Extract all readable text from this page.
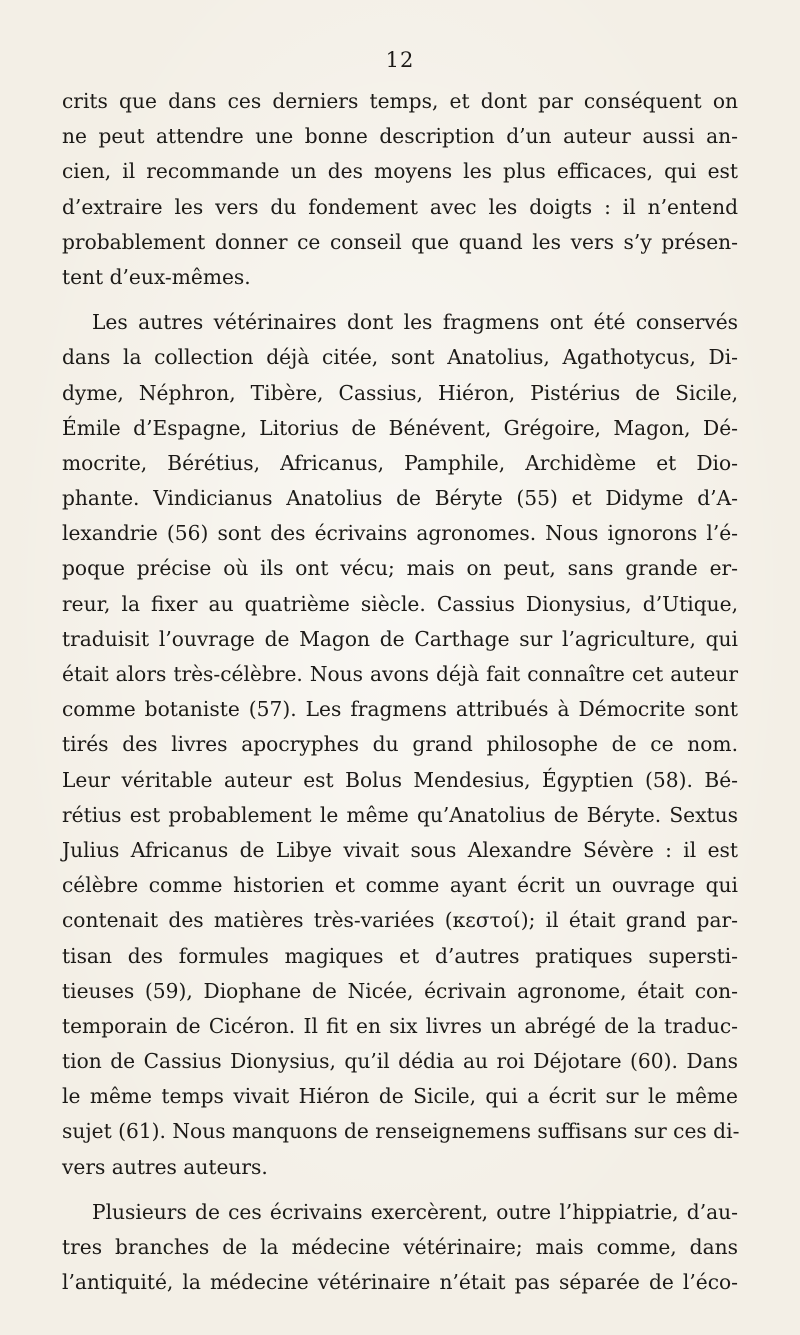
12
crits que dans ces derniers temps, et dont par conséquent on
ne peut attendre une bonne description d’un auteur aussi an-
cien, il recommande un des moyens les plus efficaces, qui est
d’extraire les vers du fondement avec les doigts : il n’entend
probablement donner ce conseil que quand les vers s’y présen-
tent d’eux-mêmes.
Les autres vétérinaires dont les fragmens ont été conservés
dans la collection déjà citée, sont Anatolius, Agathotycus, Di-
dyme, Néphron, Tibère, Cassius, Hiéron, Pistérius de Sicile,
Émile d’Espagne, Litorius de Bénévent, Grégoire, Magon, Dé-
mocrite, Bérétius, Africanus, Pamphile, Archidème et Dio-
phante. Vindicianus Anatolius de Béryte (55) et Didyme d’A-
lexandrie (56) sont des écrivains agronomes. Nous ignorons l’é-
poque précise où ils ont vécu; mais on peut, sans grande er-
reur, la fixer au quatrième siècle. Cassius Dionysius, d’Utique,
traduisit l’ouvrage de Magon de Carthage sur l’agriculture, qui
était alors très-célèbre. Nous avons déjà fait connaître cet auteur
comme botaniste (57). Les fragmens attribués à Démocrite sont
tirés des livres apocryphes du grand philosophe de ce nom.
Leur véritable auteur est Bolus Mendesius, Égyptien (58). Bé-
rétius est probablement le même qu’Anatolius de Béryte. Sextus
Julius Africanus de Libye vivait sous Alexandre Sévère : il est
célèbre comme historien et comme ayant écrit un ouvrage qui
contenait des matières très-variées (κεστοί); il était grand par-
tisan des formules magiques et d’autres pratiques supersti-
tieuses (59), Diophane de Nicée, écrivain agronome, était con-
temporain de Cicéron. Il fit en six livres un abrégé de la traduc-
tion de Cassius Dionysius, qu’il dédia au roi Déjotare (60). Dans
le même temps vivait Hiéron de Sicile, qui a écrit sur le même
sujet (61). Nous manquons de renseignemens suffisans sur ces di-
vers autres auteurs.
Plusieurs de ces écrivains exercèrent, outre l’hippiatrie, d’au-
tres branches de la médecine vétérinaire; mais comme, dans
l’antiquité, la médecine vétérinaire n’était pas séparée de l’éco-
